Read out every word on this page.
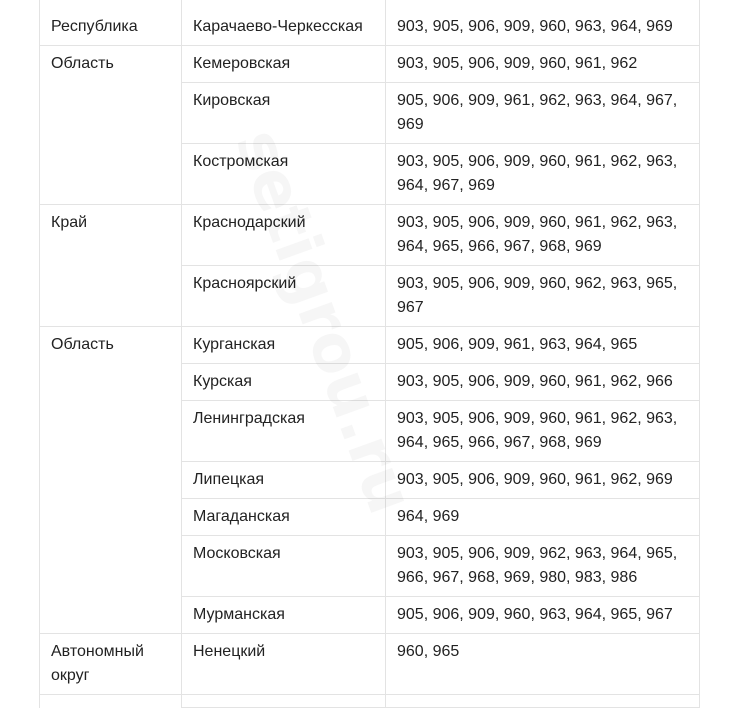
Республика	Карачаево-Черкесская	903, 905, 906, 909, 960, 963, 964, 969

Область	Кемеровская	903, 905, 906, 909, 960, 961, 962

	Кировская	905, 906, 909, 961, 962, 963, 964, 967, 969

	Костромская	903, 905, 906, 909, 960, 961, 962, 963, 964, 967, 969

Край	Краснодарский	903, 905, 906, 909, 960, 961, 962, 963, 964, 965, 966, 967, 968, 969

	Красноярский	903, 905, 906, 909, 960, 962, 963, 965, 967

Область	Курганская	905, 906, 909, 961, 963, 964, 965

	Курская	903, 905, 906, 909, 960, 961, 962, 966

	Ленинградская	903, 905, 906, 909, 960, 961, 962, 963, 964, 965, 966, 967, 968, 969

	Липецкая	903, 905, 906, 909, 960, 961, 962, 969

	Магаданская	964, 969

	Московская	903, 905, 906, 909, 962, 963, 964, 965, 966, 967, 968, 969, 980, 983, 986

	Мурманская	905, 906, 909, 960, 963, 964, 965, 967

Автономный округ	Ненецкий	960, 965
